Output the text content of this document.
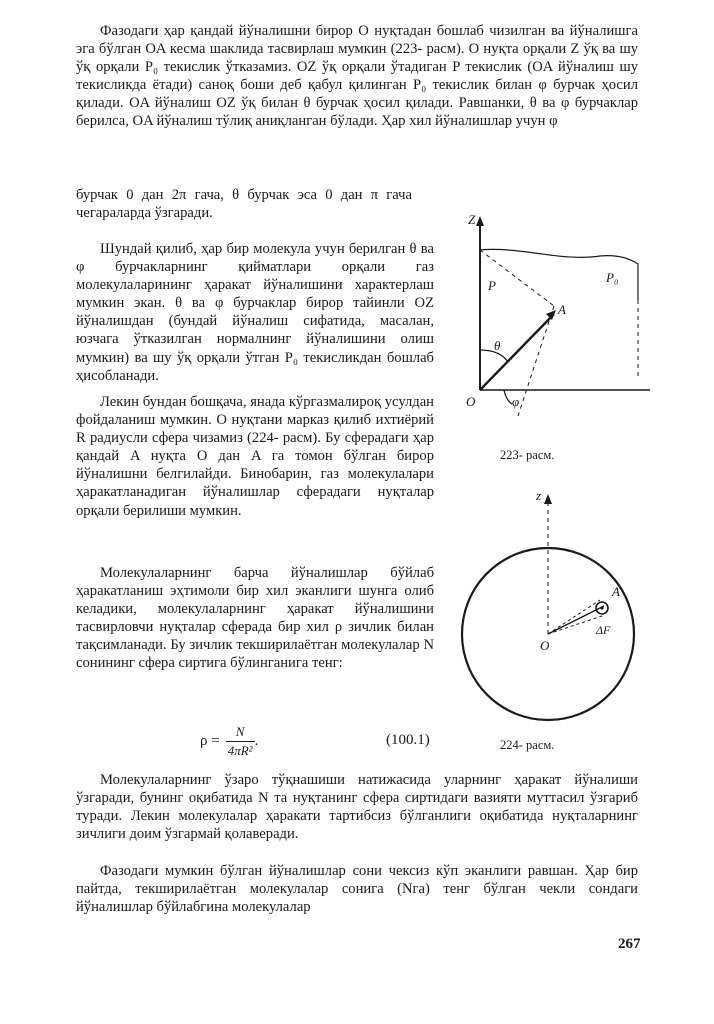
Фазодаги ҳар қандай йўналишни бирор O нуқтадан бошлаб чизилган ва йўналишга эга бўлган OA кесма шаклида тасвирлаш мумкин (223- расм). O нуқта орқали Z ўқ ва шу ўқ орқали P₀ текислик ўтказамиз. OZ ўқ орқали ўтадиган P текислик (OA йўналиш шу текисликда ётади) саноқ боши деб қабул қилинган P₀ текислик билан φ бурчак ҳосил қилади. OA йўналиш OZ ўқ билан θ бурчак ҳосил қилади. Равшанки, θ ва φ бурчаклар берилса, OA йўналиш тўлиқ аниқланган бўлади. Ҳар хил йўналишлар учун φ

бурчак 0 дан 2π гача, θ бурчак эса 0 дан π гача чегараларда ўзгаради.

Шундай қилиб, ҳар бир молекула учун берилган θ ва φ бурчакларнинг қийматлари орқали газ молекулаларининг ҳаракат йўналишини характерлаш мумкин экан. θ ва φ бурчаклар бирор тайинли OZ йўналишдан (бундай йўналиш сифатида, масалан, юзчага ўтказилган нормалнинг йўналишини олиш мумкин) ва шу ўқ орқали ўтган P₀ текисликдан бошлаб ҳисобланади.

Лекин бундан бошқача, янада кўргазмалироқ усулдан фойдаланиш мумкин. O нуқтани марказ қилиб ихтиёрий R радиусли сфера чизамиз (224- расм). Бу сферадаги ҳар қандай A нуқта O дан A га томон бўлган бирор йўналишни белгилайди. Бинобарин, газ молекулалари ҳаракатланадиган йўналишлар сферадаги нуқталар орқали берилиши мумкин.

Молекулаларнинг барча йўналишлар бўйлаб ҳаракатланиш эҳтимоли бир хил эканлиги шунга олиб келадики, молекулаларнинг ҳаракат йўналишини тасвирловчи нуқталар сферада бир хил ρ зичлик билан тақсимланади. Бу зичлик текширилаётган молекулалар N сонининг сфера сиртига бўлинганига тенг:

Z
P₀
P
A
θ
φ
O
223- расм.
z
A
O
ΔF
224- расм.
$\rho = \frac{N}{\text{4πR²}}$ .	(100.1)

Молекулаларнинг ўзаро тўқнашиши натижасида уларнинг ҳаракат йўналиши ўзгаради, бунинг оқибатида N та нуқтанинг сфера сиртидаги вазияти муттасил ўзгариб туради. Лекин молекулалар ҳаракати тартибсиз бўлганлиги оқибатида нуқталарнинг зичлиги доим ўзгармай қолаверади.

Фазодаги мумкин бўлган йўналишлар сони чексиз кўп эканлиги равшан. Ҳар бир пайтда, текширилаётган молекулалар сонига (Nга) тенг бўлган чекли сондаги йўналишлар бўйлабгина молекулалар

267
